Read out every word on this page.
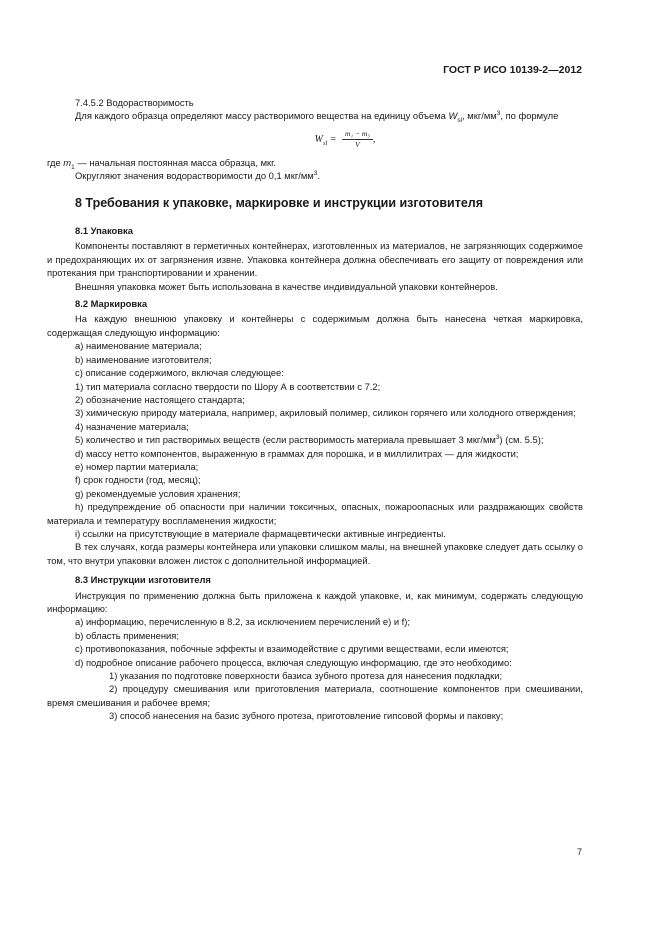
ГОСТ Р ИСО 10139-2—2012

7.4.5.2 Водорастворимость

Для каждого образца определяют массу растворимого вещества на единицу объема $W_{sl}$, мкг/$мм^3$, по формуле

$W_{sl} = \frac{\text{m₁ − m₃}}{V}$ ,

где $m_1$ — начальная постоянная масса образца, мкг.

Округляют значения водорастворимости до 0,1 мкг/$мм^3$.

8 Требования к упаковке, маркировке и инструкции изготовителя
8.1 Упаковка

Компоненты поставляют в герметичных контейнерах, изготовленных из материалов, не загрязняющих содержимое и предохраняющих их от загрязнения извне. Упаковка контейнера должна обеспечивать его защиту от повреждения или протекания при транспортировании и хранении.

Внешняя упаковка может быть использована в качестве индивидуальной упаковки контейнеров.

8.2 Маркировка

На каждую внешнюю упаковку и контейнеры с содержимым должна быть нанесена четкая маркировка, содержащая следующую информацию:

a) наименование материала;

b) наименование изготовителя;

c) описание содержимого, включая следующее:

1) тип материала согласно твердости по Шору А в соответствии с 7.2;

2) обозначение настоящего стандарта;

3) химическую природу материала, например, акриловый полимер, силикон горячего или холодного отверждения;

4) назначение материала;

5) количество и тип растворимых веществ (если растворимость материала превышает 3 мкг/$мм^3$) (см. 5.5);

d) массу нетто компонентов, выраженную в граммах для порошка, и в миллилитрах — для жидкости;

e) номер партии материала;

f) срок годности (год, месяц);

g) рекомендуемые условия хранения;

h) предупреждение об опасности при наличии токсичных, опасных, пожароопасных или раздражающих свойств материала и температуру воспламенения жидкости;

i) ссылки на присутствующие в материале фармацевтически активные ингредиенты.

В тех случаях, когда размеры контейнера или упаковки слишком малы, на внешней упаковке следует дать ссылку о том, что внутри упаковки вложен листок с дополнительной информацией.

8.3 Инструкции изготовителя

Инструкция по применению должна быть приложена к каждой упаковке, и, как минимум, содержать следующую информацию:

a) информацию, перечисленную в 8.2, за исключением перечислений e) и f);

b) область применения;

c) противопоказания, побочные эффекты и взаимодействие с другими веществами, если имеются;

d) подробное описание рабочего процесса, включая следующую информацию, где это необходимо:

1) указания по подготовке поверхности базиса зубного протеза для нанесения подкладки;

2) процедуру смешивания или приготовления материала, соотношение компонентов при смешивании, время смешивания и рабочее время;

3) способ нанесения на базис зубного протеза, приготовление гипсовой формы и паковку;

7
